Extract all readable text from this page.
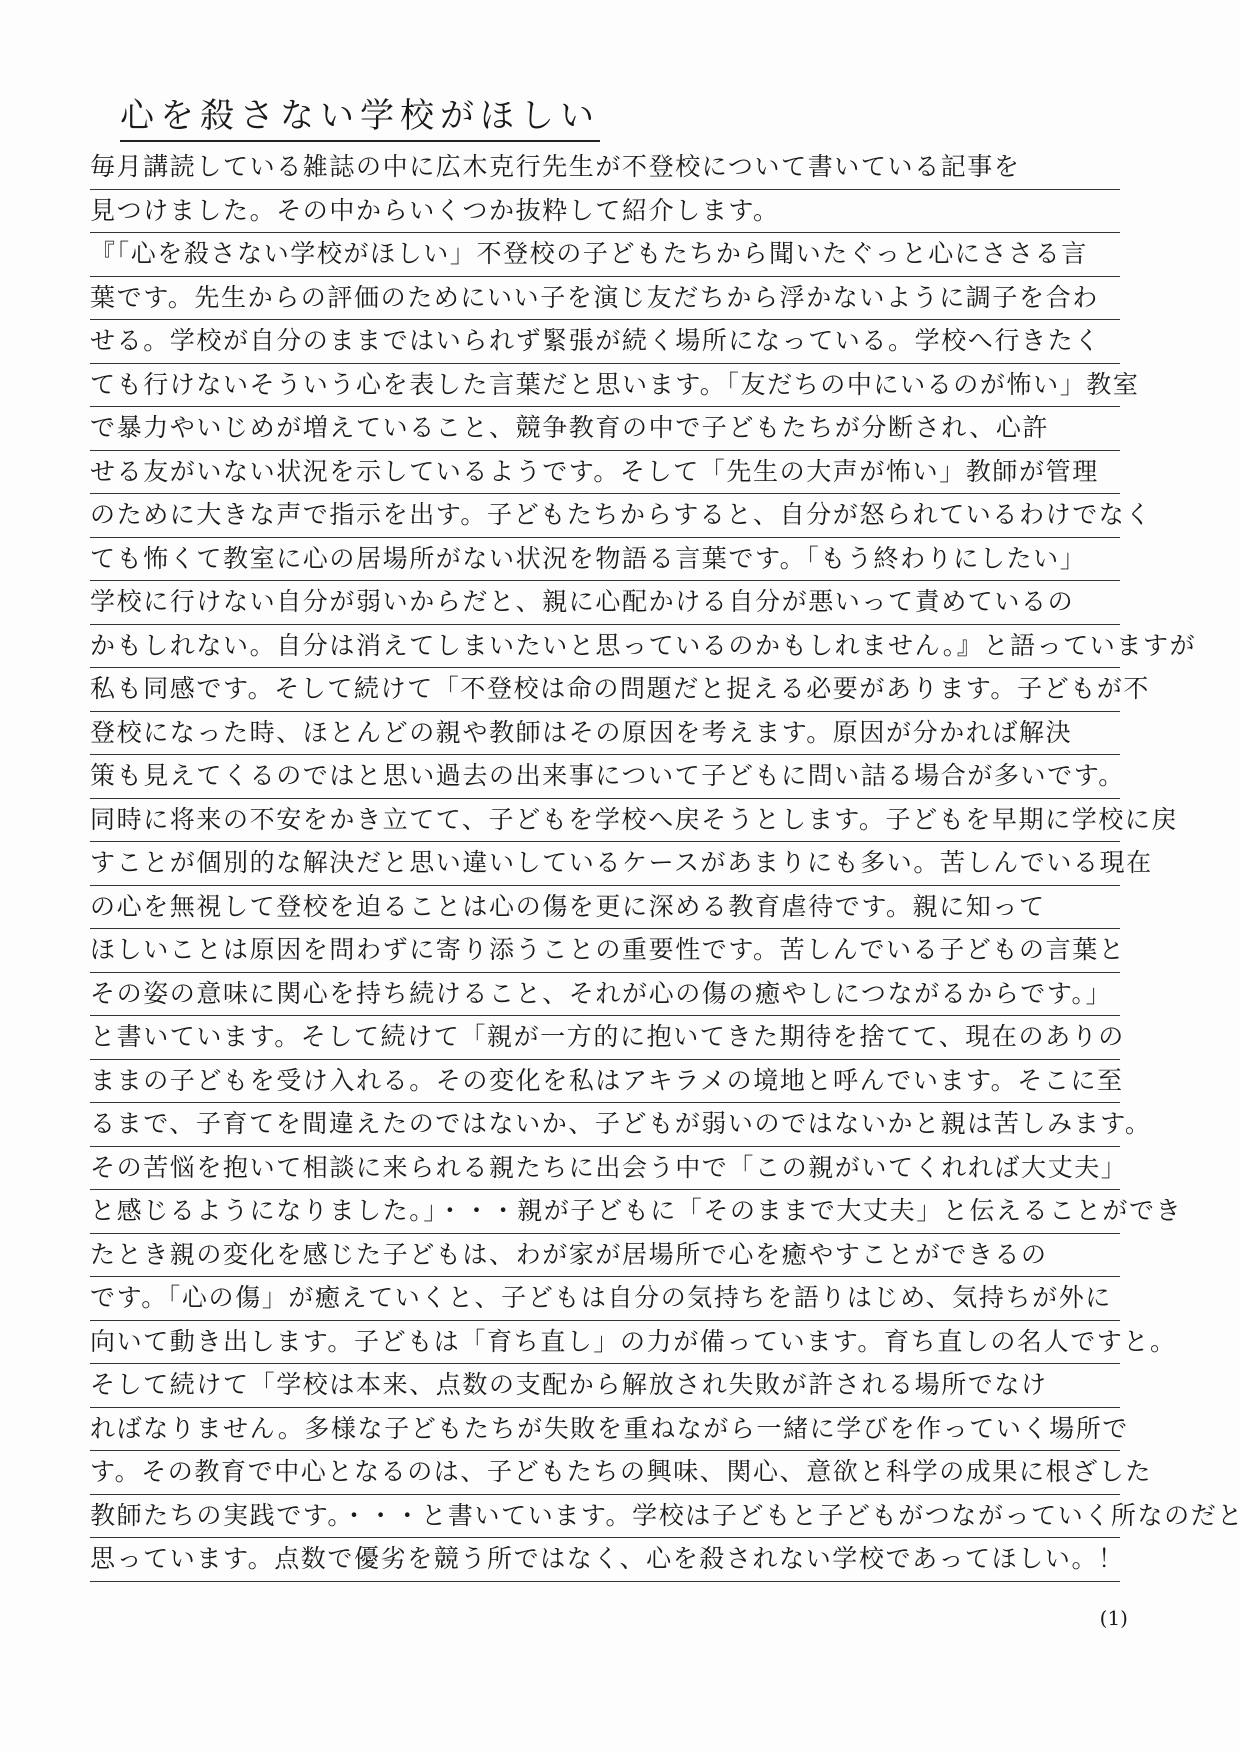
心を殺さない学校がほしい
毎月講読している雑誌の中に広木克行先生が不登校について書いている記事を
見つけました。その中からいくつか抜粋して紹介します。
『「心を殺さない学校がほしい」不登校の子どもたちから聞いたぐっと心にささる言
葉です。先生からの評価のためにいい子を演じ友だちから浮かないように調子を合わ
せる。学校が自分のままではいられず緊張が続く場所になっている。学校へ行きたく
ても行けないそういう心を表した言葉だと思います。「友だちの中にいるのが怖い」教室
で暴力やいじめが増えていること、競争教育の中で子どもたちが分断され、心許
せる友がいない状況を示しているようです。そして「先生の大声が怖い」教師が管理
のために大きな声で指示を出す。子どもたちからすると、自分が怒られているわけでなく
ても怖くて教室に心の居場所がない状況を物語る言葉です。「もう終わりにしたい」
学校に行けない自分が弱いからだと、親に心配かける自分が悪いって責めているの
かもしれない。自分は消えてしまいたいと思っているのかもしれません。』と語っていますが
私も同感です。そして続けて「不登校は命の問題だと捉える必要があります。子どもが不
登校になった時、ほとんどの親や教師はその原因を考えます。原因が分かれば解決
策も見えてくるのではと思い過去の出来事について子どもに問い詰る場合が多いです。
同時に将来の不安をかき立てて、子どもを学校へ戻そうとします。子どもを早期に学校に戻
すことが個別的な解決だと思い違いしているケースがあまりにも多い。苦しんでいる現在
の心を無視して登校を迫ることは心の傷を更に深める教育虐待です。親に知って
ほしいことは原因を問わずに寄り添うことの重要性です。苦しんでいる子どもの言葉と
その姿の意味に関心を持ち続けること、それが心の傷の癒やしにつながるからです。」
と書いています。そして続けて「親が一方的に抱いてきた期待を捨てて、現在のありの
ままの子どもを受け入れる。その変化を私はアキラメの境地と呼んでいます。そこに至
るまで、子育てを間違えたのではないか、子どもが弱いのではないかと親は苦しみます。
その苦悩を抱いて相談に来られる親たちに出会う中で「この親がいてくれれば大丈夫」
と感じるようになりました。」・・・親が子どもに「そのままで大丈夫」と伝えることができ
たとき親の変化を感じた子どもは、わが家が居場所で心を癒やすことができるの
です。「心の傷」が癒えていくと、子どもは自分の気持ちを語りはじめ、気持ちが外に
向いて動き出します。子どもは「育ち直し」の力が備っています。育ち直しの名人ですと。
そして続けて「学校は本来、点数の支配から解放され失敗が許される場所でなけ
ればなりません。多様な子どもたちが失敗を重ねながら一緒に学びを作っていく場所で
す。その教育で中心となるのは、子どもたちの興味、関心、意欲と科学の成果に根ざした
教師たちの実践です。・・・と書いています。学校は子どもと子どもがつながっていく所なのだと
思っています。点数で優劣を競う所ではなく、心を殺されない学校であってほしい。！
(1)
